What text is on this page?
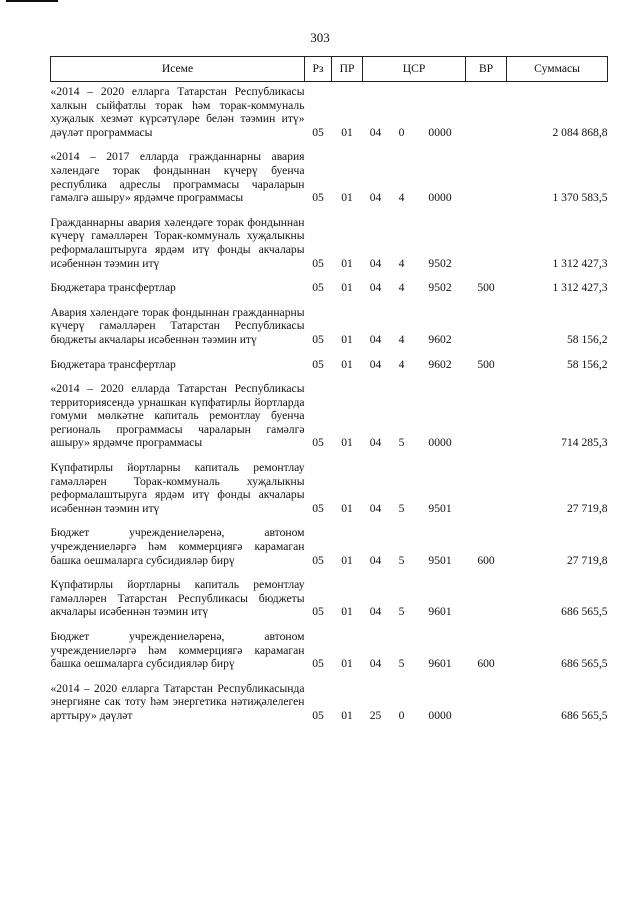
303
Исеме	Рз	ПР	ЦСР			ВР	Суммасы
«2014 – 2020 елларга Татарстан Республикасы халкын сыйфатлы торак һәм торак-коммуналь хуҗалык хезмәт күрсәтүләре белән тәэмин итү» дәүләт программасы	05	01	04	0	0000		2 084 868,8

«2014 – 2017 елларда гражданнарны авария хәлендәге торак фондыннан күчерү буенча республика адреслы программасы чараларын гамәлгә ашыру» ярдәмче программасы	05	01	04	4	0000		1 370 583,5

Гражданнарны авария хәлендәге торак фондыннан күчерү гамәлләрен Торак-коммуналь хуҗалыкны реформалаштыруга ярдәм итү фонды акчалары исәбеннән тәэмин итү	05	01	04	4	9502		1 312 427,3

Бюджетара трансфертлар	05	01	04	4	9502	500	1 312 427,3

Авария хәлендәге торак фондыннан гражданнарны күчерү гамәлләрен Татарстан Республикасы бюджеты акчалары исәбеннән тәэмин итү	05	01	04	4	9602		58 156,2

Бюджетара трансфертлар	05	01	04	4	9602	500	58 156,2

«2014 – 2020 елларда Татарстан Республикасы территориясендә урнашкан күпфатирлы йортларда гомуми мөлкәтне капиталь ремонтлау буенча региональ программасы чараларын гамәлгә ашыру» ярдәмче программасы	05	01	04	5	0000		714 285,3

Күпфатирлы йортларны капиталь ремонтлау гамәлләрен Торак-коммуналь хуҗалыкны реформалаштыруга ярдәм итү фонды акчалары исәбеннән тәэмин итү	05	01	04	5	9501		27 719,8

Бюджет учреждениеләренә, автоном учреждениеләргә һәм коммерциягә карамаган башка оешмаларга субсидияләр бирү	05	01	04	5	9501	600	27 719,8

Күпфатирлы йортларны капиталь ремонтлау гамәлләрен Татарстан Республикасы бюджеты акчалары исәбеннән тәэмин итү	05	01	04	5	9601		686 565,5

Бюджет учреждениеләренә, автоном учреждениеләргә һәм коммерциягә карамаган башка оешмаларга субсидияләр бирү	05	01	04	5	9601	600	686 565,5

«2014 – 2020 елларга Татарстан Республикасында энергияне сак тоту һәм энергетика нәтиҗәлелеген арттыру» дәүләт	05	01	25	0	0000		686 565,5
